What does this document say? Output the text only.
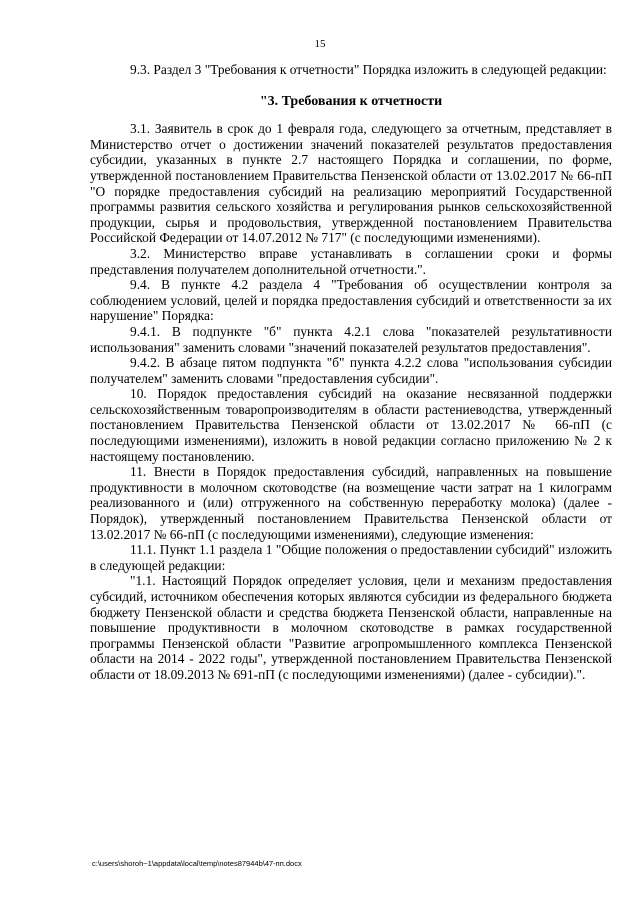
15

9.3. Раздел 3 "Требования к отчетности" Порядка изложить в следующей редакции:

"3. Требования к отчетности

3.1. Заявитель в срок до 1 февраля года, следующего за отчетным, представляет в Министерство отчет о достижении значений показателей результатов предоставления субсидии, указанных в пункте 2.7 настоящего Порядка и соглашении, по форме, утвержденной постановлением Правительства Пензенской области от 13.02.2017 № 66-пП "О порядке предоставления субсидий на реализацию мероприятий Государственной программы развития сельского хозяйства и регулирования рынков сельскохозяйственной продукции, сырья и продовольствия, утвержденной постановлением Правительства Российской Федерации от 14.07.2012 № 717" (с последующими изменениями).

3.2. Министерство вправе устанавливать в соглашении сроки и формы представления получателем дополнительной отчетности.".

9.4. В пункте 4.2 раздела 4 "Требования об осуществлении контроля за соблюдением условий, целей и порядка предоставления субсидий и ответственности за их нарушение" Порядка:

9.4.1. В подпункте "б" пункта 4.2.1 слова "показателей результативности использования" заменить словами "значений показателей результатов предоставления".

9.4.2. В абзаце пятом подпункта "б" пункта 4.2.2 слова "использования субсидии получателем" заменить словами "предоставления субсидии".

10. Порядок предоставления субсидий на оказание несвязанной поддержки сельскохозяйственным товаропроизводителям в области растениеводства, утвержденный постановлением Правительства Пензенской области от 13.02.2017 № 66-пП (с последующими изменениями), изложить в новой редакции согласно приложению № 2 к настоящему постановлению.

11. Внести в Порядок предоставления субсидий, направленных на повышение продуктивности в молочном скотоводстве (на возмещение части затрат на 1 килограмм реализованного и (или) отгруженного на собственную переработку молока) (далее - Порядок), утвержденный постановлением Правительства Пензенской области от 13.02.2017 № 66-пП (с последующими изменениями), следующие изменения:

11.1. Пункт 1.1 раздела 1 "Общие положения о предоставлении субсидий" изложить в следующей редакции:

"1.1. Настоящий Порядок определяет условия, цели и механизм предоставления субсидий, источником обеспечения которых являются субсидии из федерального бюджета бюджету Пензенской области и средства бюджета Пензенской области, направленные на повышение продуктивности в молочном скотоводстве в рамках государственной программы Пензенской области "Развитие агропромышленного комплекса Пензенской области на 2014 - 2022 годы", утвержденной постановлением Правительства Пензенской области от 18.09.2013 № 691-пП (с последующими изменениями) (далее - субсидии).".

c:\users\shoroh~1\appdata\local\temp\notes87944b\47-пп.docx
